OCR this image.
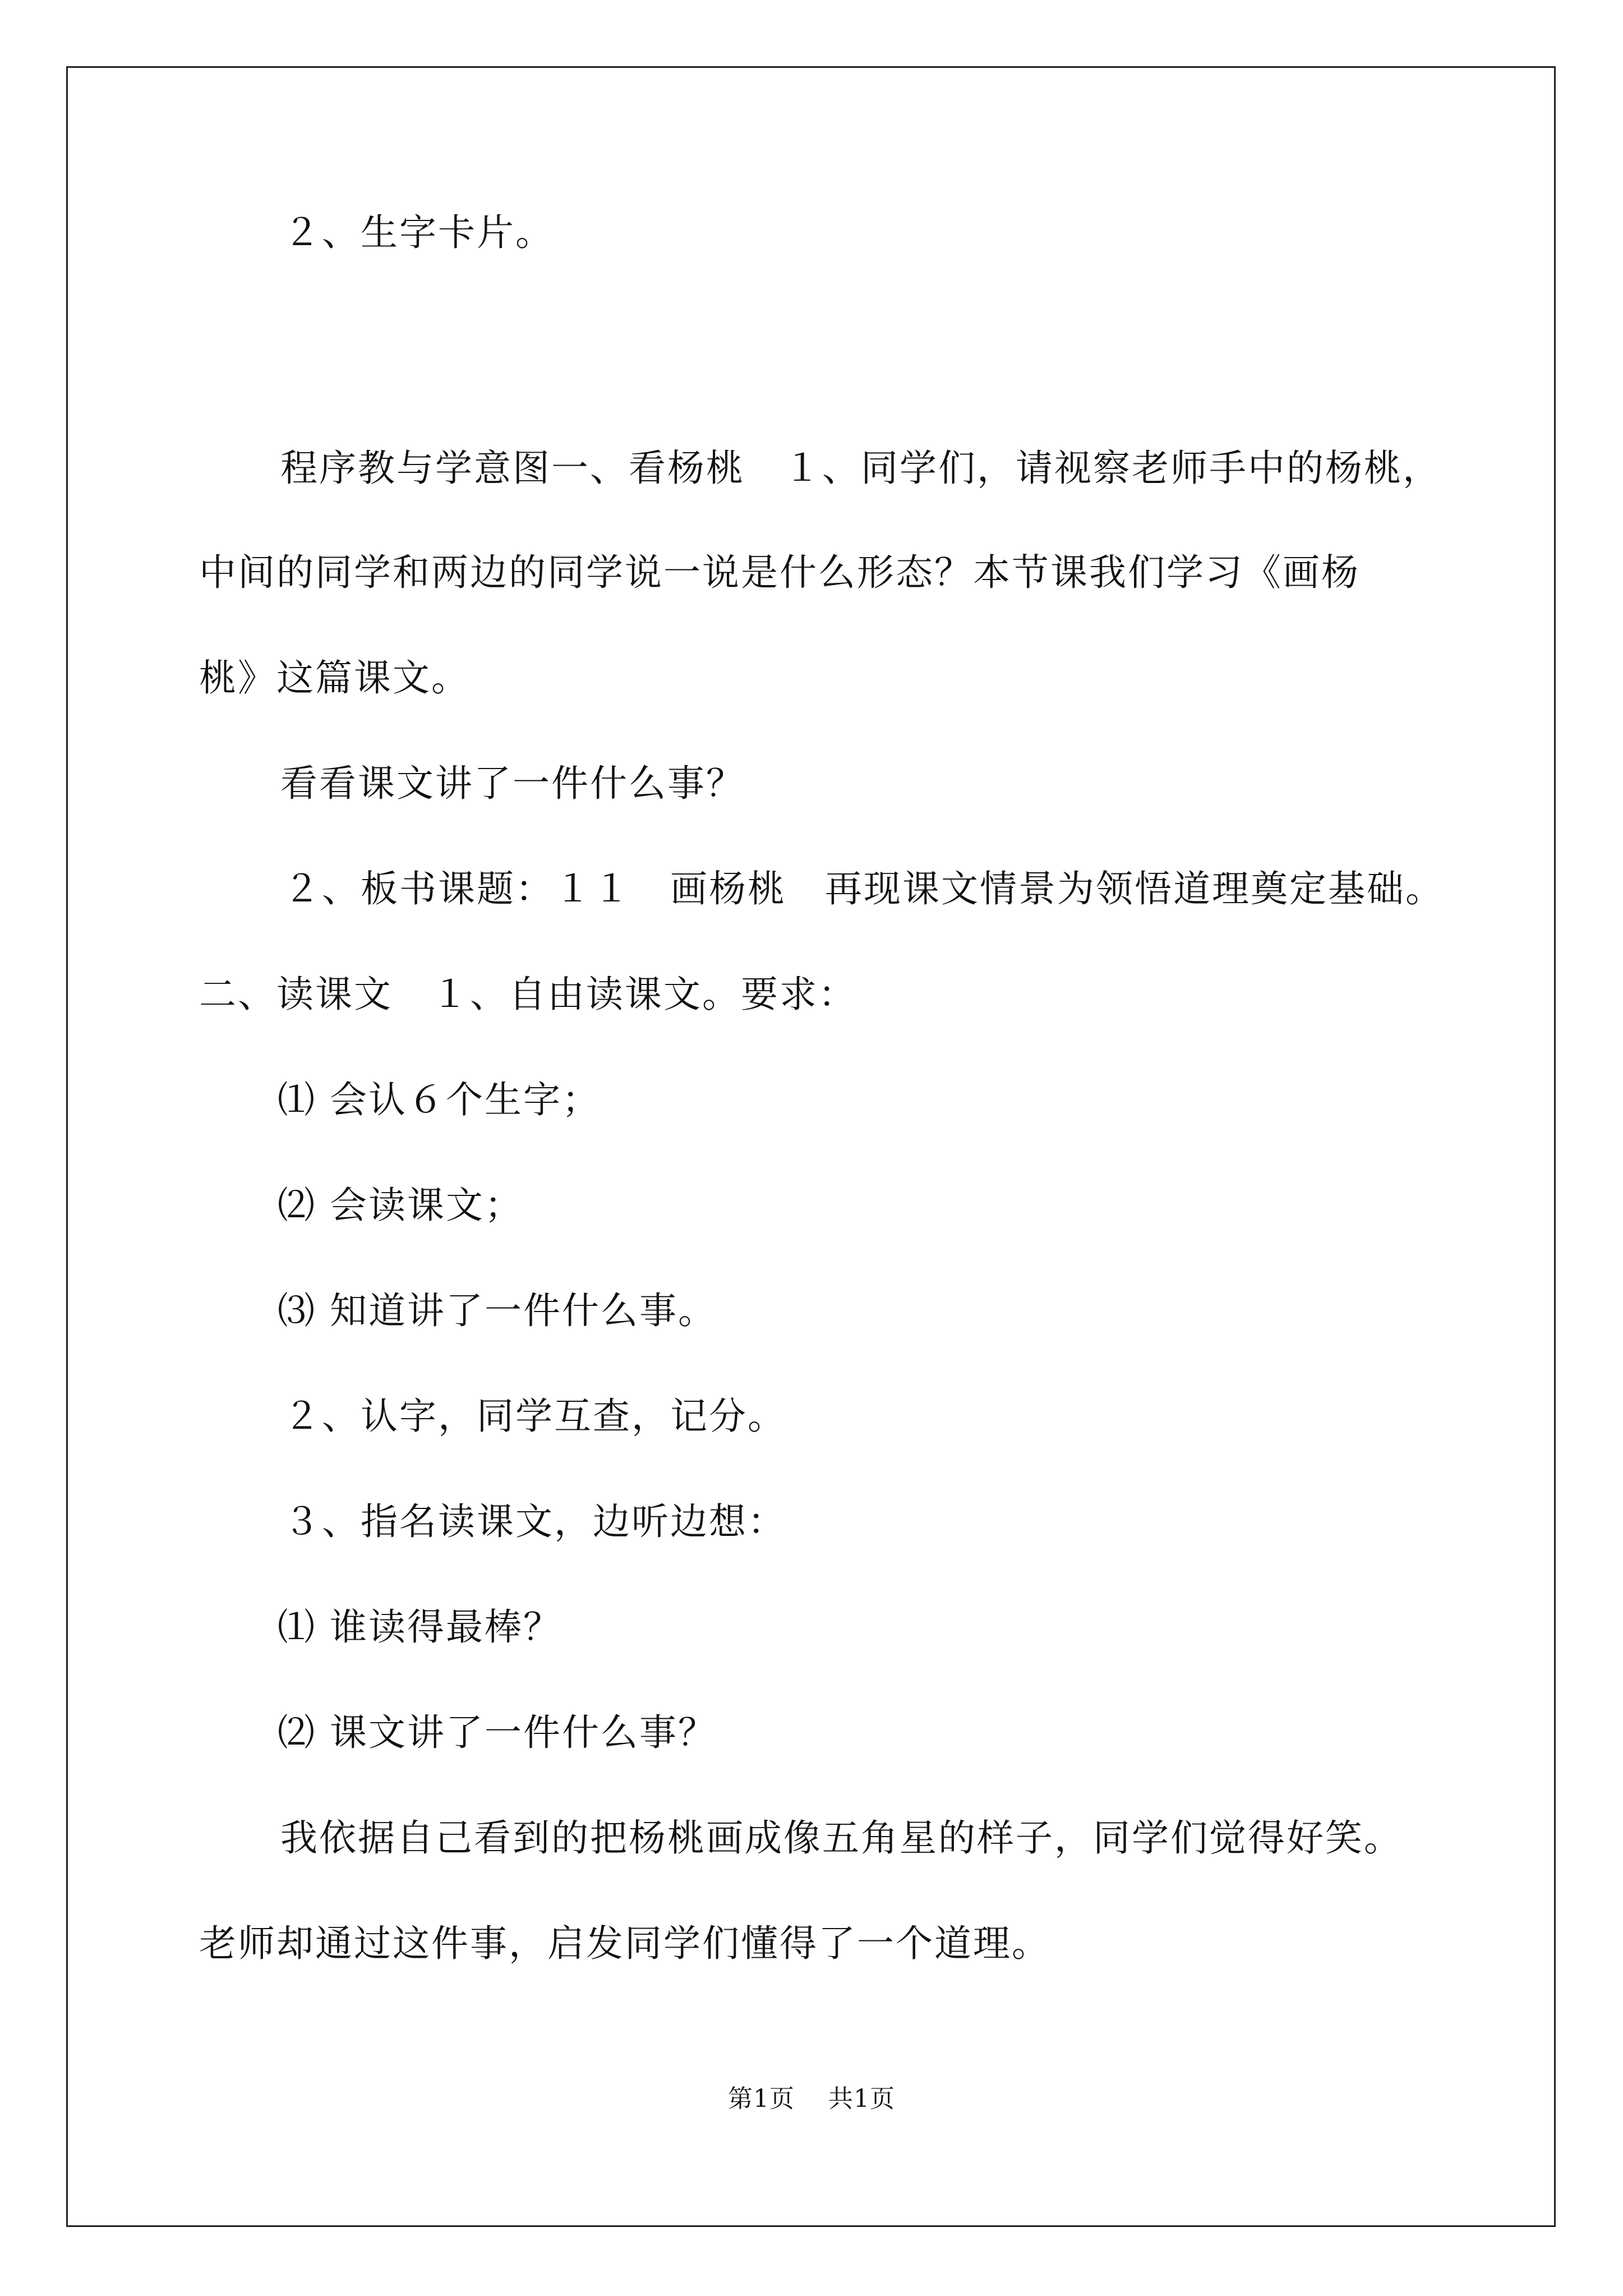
２、生字卡片。
程序教与学意图一、看杨桃　１、同学们，请视察老师手中的杨桃，
中间的同学和两边的同学说一说是什么形态？本节课我们学习《画杨
桃》这篇课文。
看看课文讲了一件什么事？
２、板书课题：１１　画杨桃　再现课文情景为领悟道理奠定基础。
二、读课文　１、自由读课文。要求：
⑴ 会认６个生字；
⑵ 会读课文；
⑶ 知道讲了一件什么事。
２、认字，同学互查，记分。
３、指名读课文，边听边想：
⑴ 谁读得最棒？
⑵ 课文讲了一件什么事？
我依据自己看到的把杨桃画成像五角星的样子，同学们觉得好笑。
老师却通过这件事，启发同学们懂得了一个道理。
第1页 共1页
